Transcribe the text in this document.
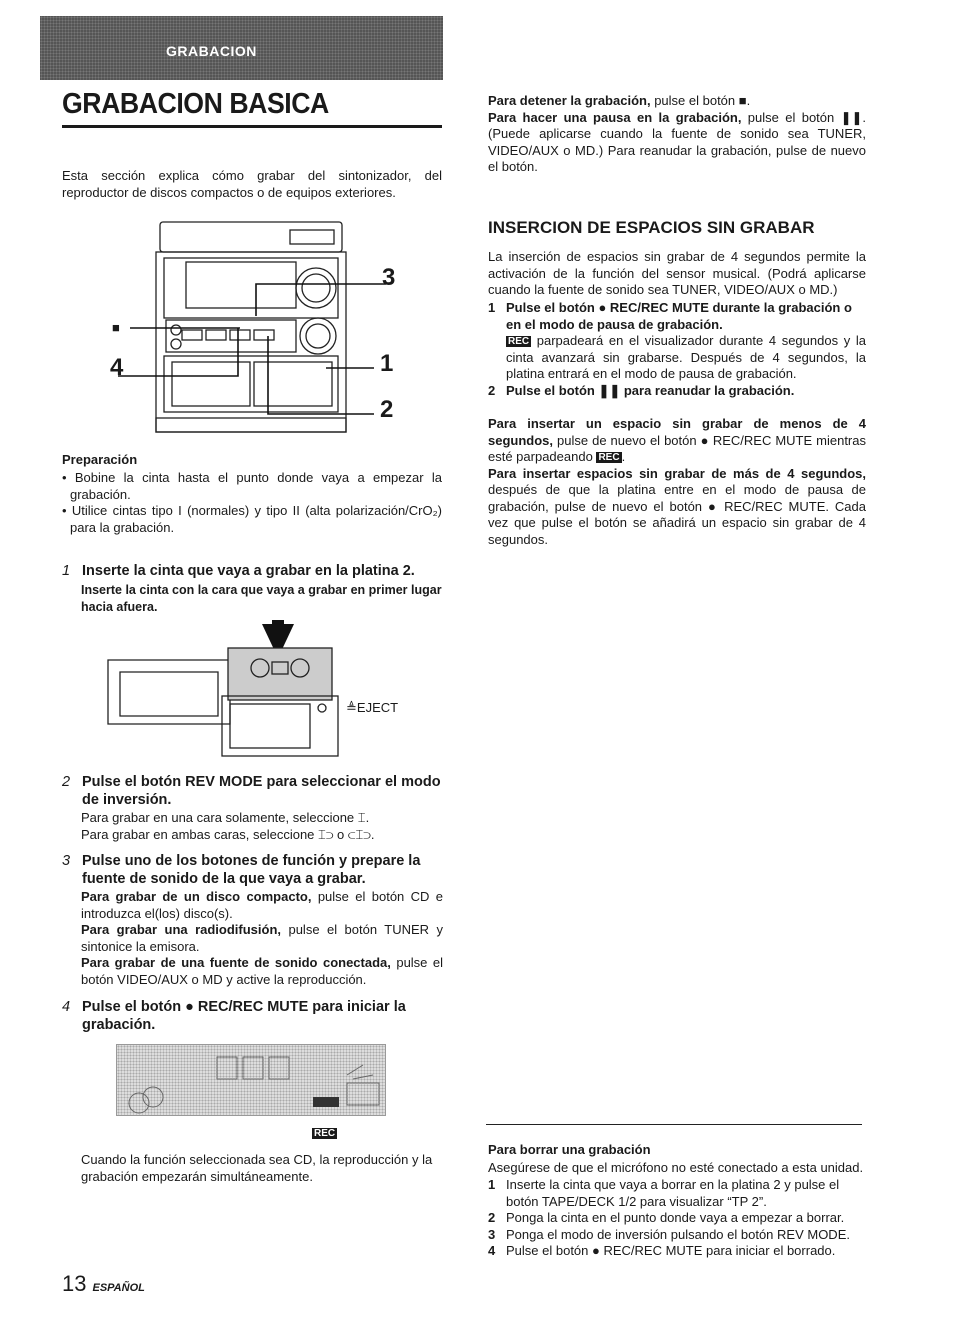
GRABACION
GRABACION BASICA
Esta sección explica cómo grabar del sintonizador, del reproductor de discos compactos o de equipos exteriores.
3
1
2
4
■
Preparación
• Bobine la cinta hasta el punto donde vaya a empezar la grabación.
• Utilice cintas tipo I (normales) y tipo II (alta polarización/CrO₂) para la grabación.
1 Inserte la cinta que vaya a grabar en la platina 2.
Inserte la cinta con la cara que vaya a grabar en primer lugar hacia afuera.
≜EJECT
2 Pulse el botón REV MODE para seleccionar el modo de inversión.
Para grabar en una cara solamente, seleccione ⌶.
Para grabar en ambas caras, seleccione ⌶⊃ o ⊂⌶⊃.
3 Pulse uno de los botones de función y prepare la fuente de sonido de la que vaya a grabar.
Para grabar de un disco compacto, pulse el botón CD e introduzca el(los) disco(s).
Para grabar una radiodifusión, pulse el botón TUNER y sintonice la emisora.
Para grabar de una fuente de sonido conectada, pulse el botón VIDEO/AUX o MD y active la reproducción.
4 Pulse el botón ● REC/REC MUTE para iniciar la grabación.
REC
Cuando la función seleccionada sea CD, la reproducción y la grabación empezarán simultáneamente.
Para detener la grabación, pulse el botón ■.
Para hacer una pausa en la grabación, pulse el botón ❚❚. (Puede aplicarse cuando la fuente de sonido sea TUNER, VIDEO/AUX o MD.) Para reanudar la grabación, pulse de nuevo el botón.
INSERCION DE ESPACIOS SIN GRABAR
La inserción de espacios sin grabar de 4 segundos permite la activación de la función del sensor musical. (Podrá aplicarse cuando la fuente de sonido sea TUNER, VIDEO/AUX o MD.)
1 Pulse el botón ● REC/REC MUTE durante la grabación o en el modo de pausa de grabación.
REC parpadeará en el visualizador durante 4 segundos y la cinta avanzará sin grabarse. Después de 4 segundos, la platina entrará en el modo de pausa de grabación.
2 Pulse el botón ❚❚ para reanudar la grabación.
Para insertar un espacio sin grabar de menos de 4 segundos, pulse de nuevo el botón ● REC/REC MUTE mientras esté parpadeando REC .
Para insertar espacios sin grabar de más de 4 segundos, después de que la platina entre en el modo de pausa de grabación, pulse de nuevo el botón ● REC/REC MUTE. Cada vez que pulse el botón se añadirá un espacio sin grabar de 4 segundos.
Para borrar una grabación
Asegúrese de que el micrófono no esté conectado a esta unidad.
1 Inserte la cinta que vaya a borrar en la platina 2 y pulse el botón TAPE/DECK 1/2 para visualizar “TP 2”.
2 Ponga la cinta en el punto donde vaya a empezar a borrar.
3 Ponga el modo de inversión pulsando el botón REV MODE.
4 Pulse el botón ● REC/REC MUTE para iniciar el borrado.
13 ESPAÑOL
